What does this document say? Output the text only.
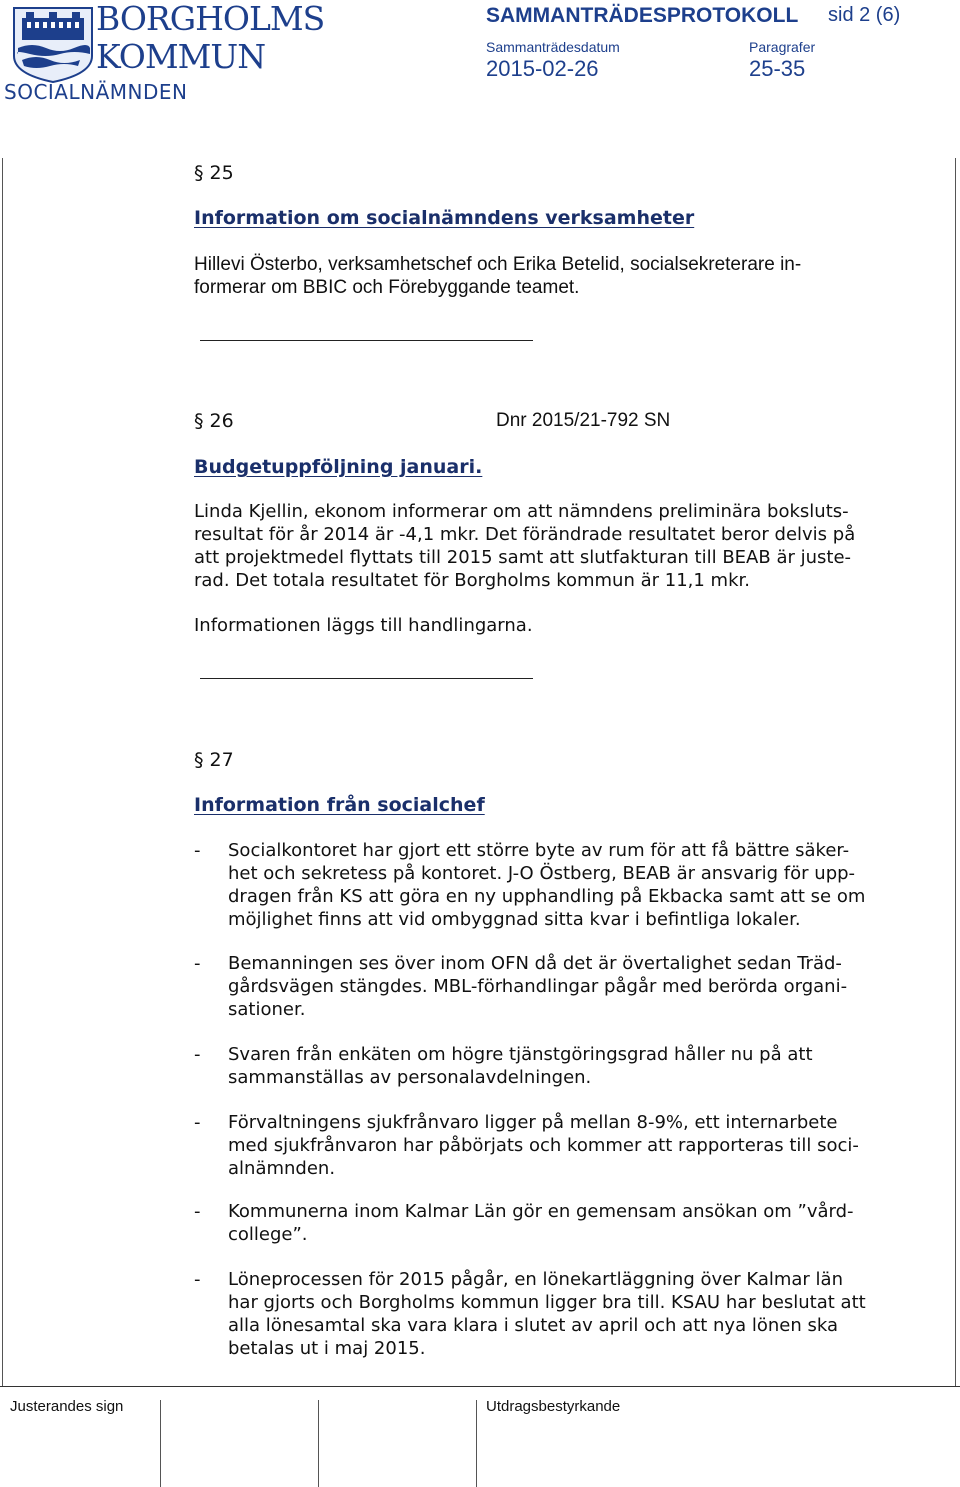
BORGHOLMS
KOMMUN
SOCIALNÄMNDEN
SAMMANTRÄDESPROTOKOLL sid 2 (6)
Sammanträdesdatum
2015-02-26
Paragrafer
25-35
§ 25
Information om socialnämndens verksamheter
Hillevi Österbo, verksamhetschef och Erika Betelid, socialsekreterare in-
formerar om BBIC och Förebyggande teamet.
§ 26	Dnr 2015/21-792 SN
Budgetuppföljning januari.
Linda Kjellin, ekonom informerar om att nämndens preliminära boksluts-
resultat för år 2014 är -4,1 mkr. Det förändrade resultatet beror delvis på
att projektmedel flyttats till 2015 samt att slutfakturan till BEAB är juste-
rad. Det totala resultatet för Borgholms kommun är 11,1 mkr.
Informationen läggs till handlingarna.
§ 27
Information från socialchef
- Socialkontoret har gjort ett större byte av rum för att få bättre säker-
het och sekretess på kontoret. J-O Östberg, BEAB är ansvarig för upp-
dragen från KS att göra en ny upphandling på Ekbacka samt att se om
möjlighet finns att vid ombyggnad sitta kvar i befintliga lokaler.
- Bemanningen ses över inom OFN då det är övertalighet sedan Träd-
gårdsvägen stängdes. MBL-förhandlingar pågår med berörda organi-
sationer.
- Svaren från enkäten om högre tjänstgöringsgrad håller nu på att
sammanställas av personalavdelningen.
- Förvaltningens sjukfrånvaro ligger på mellan 8-9%, ett internarbete
med sjukfrånvaron har påbörjats och kommer att rapporteras till soci-
alnämnden.
- Kommunerna inom Kalmar Län gör en gemensam ansökan om ”vård-
college”.
- Löneprocessen för 2015 pågår, en lönekartläggning över Kalmar län
har gjorts och Borgholms kommun ligger bra till. KSAU har beslutat att
alla lönesamtal ska vara klara i slutet av april och att nya lönen ska
betalas ut i maj 2015.
Justerandes sign	Utdragsbestyrkande
